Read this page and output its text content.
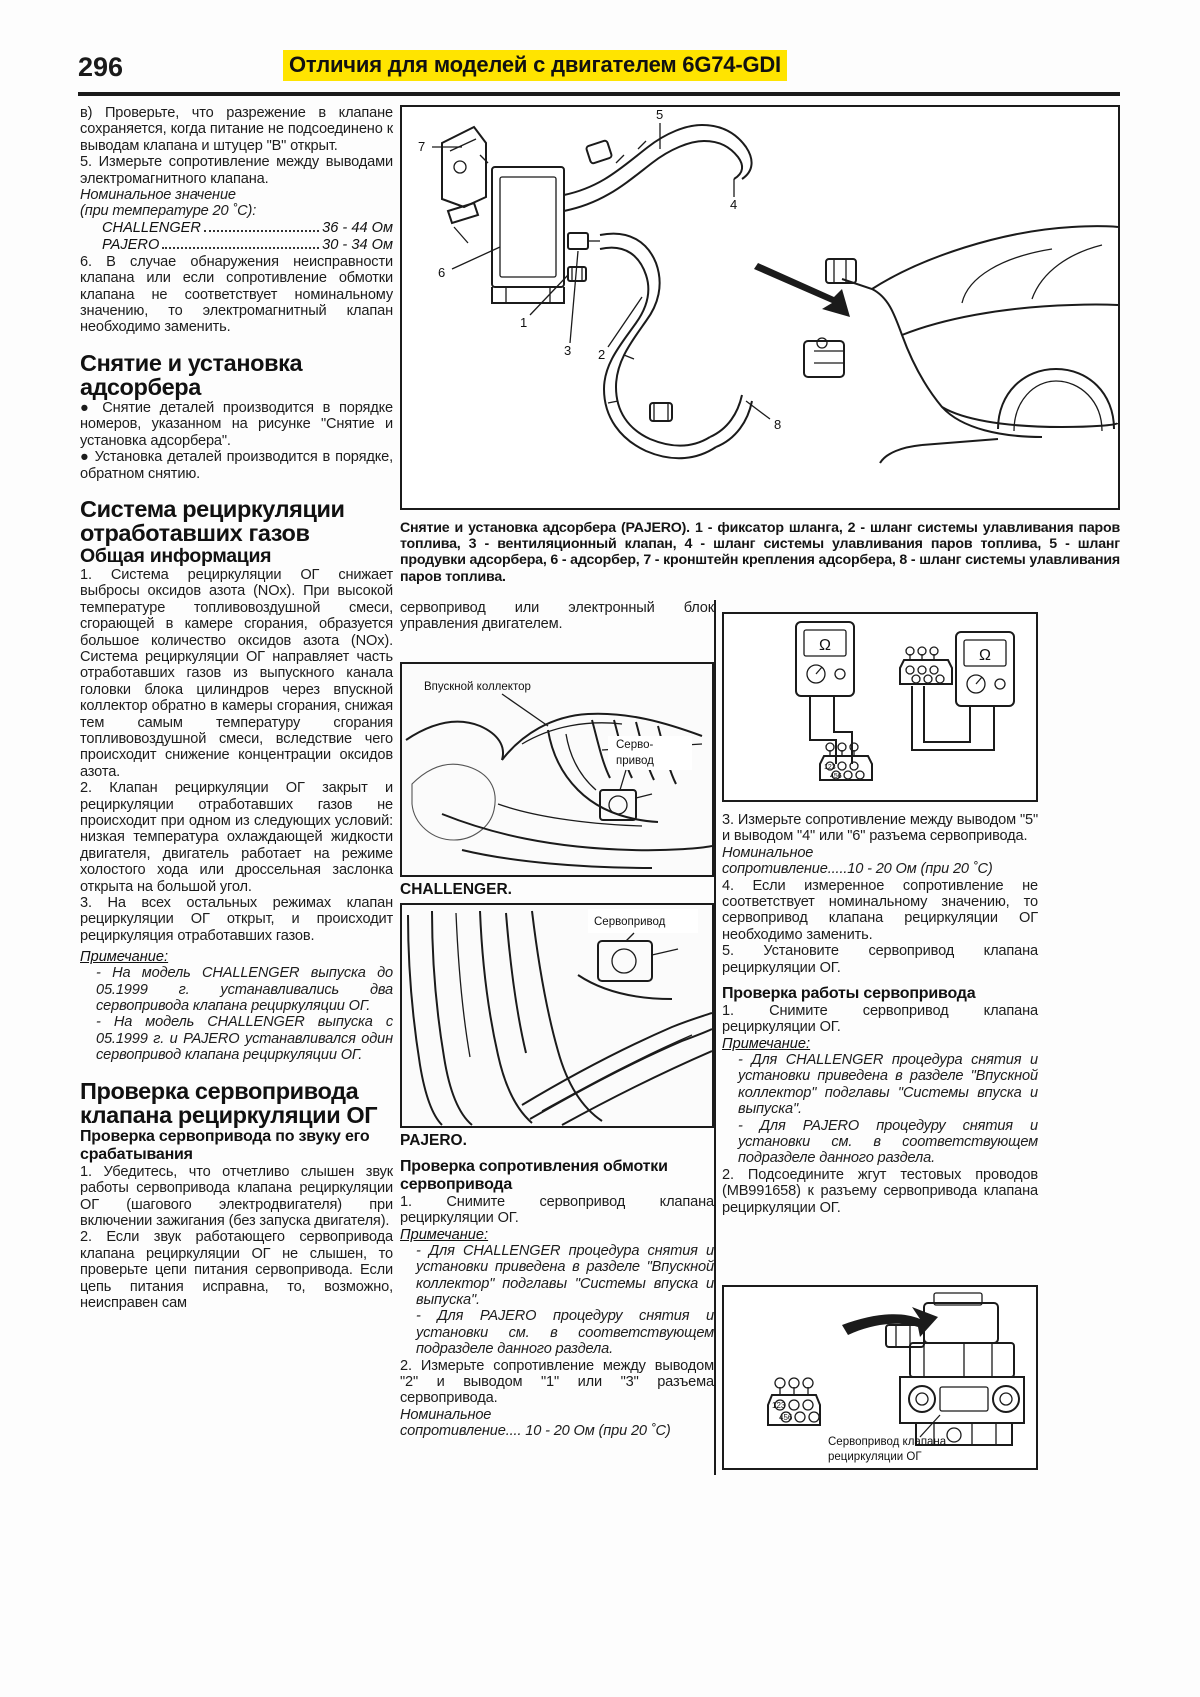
296	Отличия для моделей с двигателем 6G74-GDI
в) Проверьте, что разрежение в клапане сохраняется, когда питание не подсоединено к выводам клапана и штуцер "В" открыт.
5. Измерьте сопротивление между выводами электромагнитного клапана.
Номинальное значение
(при температуре 20 ˚С):
CHALLENGER	36 - 44 Ом
PAJERO	30 - 34 Ом
6. В случае обнаружения неисправности клапана или если сопротивление обмотки клапана не соответствует номинальному значению, то электромагнитный клапан необходимо заменить.
Снятие и установка адсорбера
● Снятие деталей производится в порядке номеров, указанном на рисунке "Снятие и установка адсорбера".
● Установка деталей производится в порядке, обратном снятию.
Система рециркуляции отработавших газов
Общая информация
1. Система рециркуляции ОГ снижает выбросы оксидов азота (NOx). При высокой температуре топливовоздушной смеси, сгорающей в камере сгорания, образуется большое количество оксидов азота (NOx). Система рециркуляции ОГ направляет часть отработавших газов из выпускного канала головки блока цилиндров через впускной коллектор обратно в камеры сгорания, снижая тем самым температуру сгорания топливовоздушной смеси, вследствие чего происходит снижение концентрации оксидов азота.
2. Клапан рециркуляции ОГ закрыт и рециркуляции отработавших газов не происходит при одном из следующих условий: низкая температура охлаждающей жидкости двигателя, двигатель работает на режиме холостого хода или дроссельная заслонка открыта на большой угол.
3. На всех остальных режимах клапан рециркуляции ОГ открыт, и происходит рециркуляция отработавших газов.
Примечание:
- На модель CHALLENGER выпуска до 05.1999 г. устанавливались два сервопривода клапана рециркуляции ОГ.
- На модель CHALLENGER выпуска с 05.1999 г. и PAJERO устанавливался один сервопривод клапана рециркуляции ОГ.
Проверка сервопривода клапана рециркуляции ОГ
Проверка сервопривода по звуку его срабатывания
1. Убедитесь, что отчетливо слышен звук работы сервопривода клапана рециркуляции ОГ (шагового электродвигателя) при включении зажигания (без запуска двигателя).
2. Если звук работающего сервопривода клапана рециркуляции ОГ не слышен, то проверьте цепи питания сервопривода. Если цепь питания исправна, то, возможно, неисправен сам
5
4
7
6
1
3 2
8
Снятие и установка адсорбера (PAJERO). 1 - фиксатор шланга, 2 - шланг системы улавливания паров топлива, 3 - вентиляционный клапан, 4 - шланг системы улавливания паров топлива, 5 - шланг продувки адсорбера, 6 - адсорбер, 7 - кронштейн крепления адсорбера, 8 - шланг системы улавливания паров топлива.
сервопривод или электронный блок управления двигателем.
Впускной коллектор
Серво-
привод
CHALLENGER.
Сервопривод
PAJERO.
Проверка сопротивления обмотки сервопривода
1. Снимите сервопривод клапана рециркуляции ОГ.
Примечание:
- Для CHALLENGER процедура снятия и установки приведена в разделе "Впускной коллектор" подглавы "Системы впуска и выпуска".
- Для PAJERO процедуру снятия и установки см. в соответствующем подразделе данного раздела.
2. Измерьте сопротивление между выводом "2" и выводом "1" или "3" разъема сервопривода.
Номинальное
сопротивление.... 10 - 20 Ом (при 20 ˚С)
Ω
123
456
Ω
3. Измерьте сопротивление между выводом "5" и выводом "4" или "6" разъема сервопривода.
Номинальное
сопротивление.....10 - 20 Ом (при 20 ˚С)
4. Если измеренное сопротивление не соответствует номинальному значению, то сервопривод клапана рециркуляции ОГ необходимо заменить.
5. Установите сервопривод клапана рециркуляции ОГ.
Проверка работы сервопривода
1. Снимите сервопривод клапана рециркуляции ОГ.
Примечание:
- Для CHALLENGER процедура снятия и установки приведена в разделе "Впускной коллектор" подглавы "Системы впуска и выпуска".
- Для PAJERO процедуру снятия и установки см. в соответствующем подразделе данного раздела.
2. Подсоедините жгут тестовых проводов (MB991658) к разъему сервопривода клапана рециркуляции ОГ.
123
456
Сервопривод клапана
рециркуляции ОГ
